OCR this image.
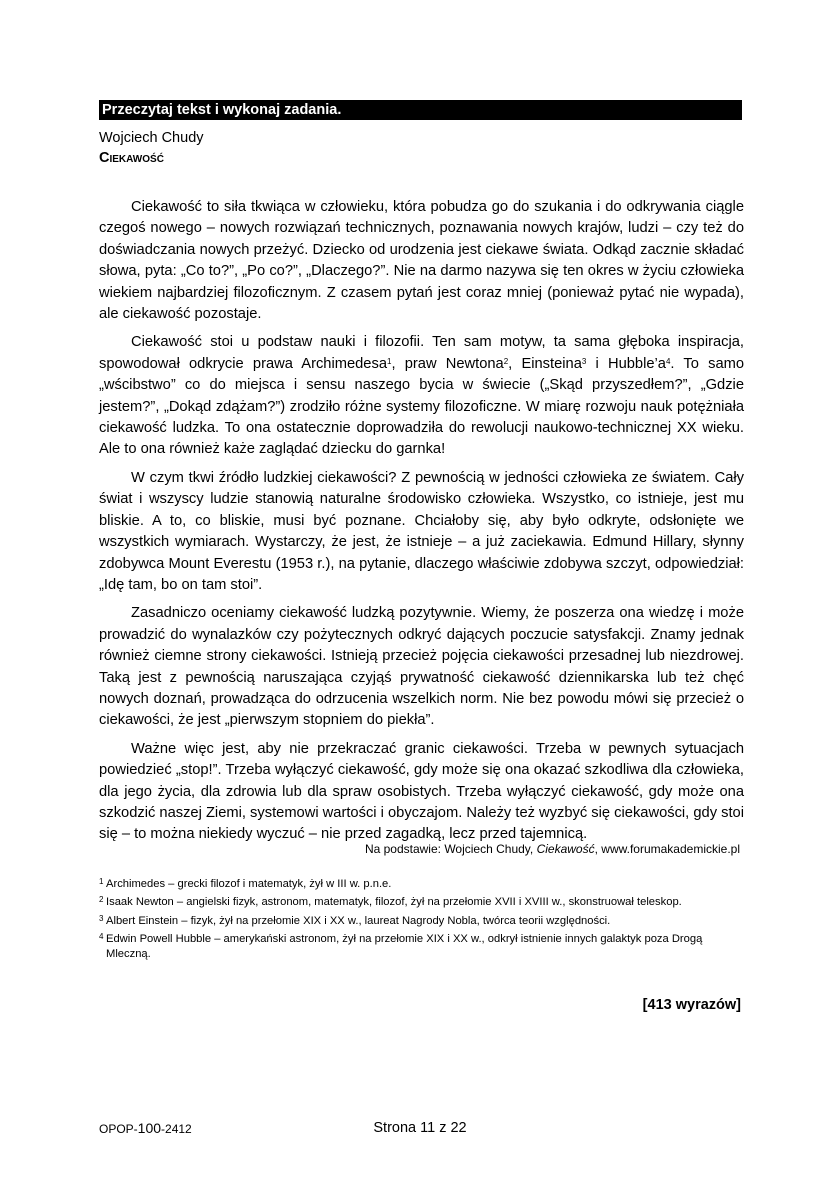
Przeczytaj tekst i wykonaj zadania.
Wojciech Chudy
Ciekawość

Ciekawość to siła tkwiąca w człowieku, która pobudza go do szukania i do odkrywania ciągle czegoś nowego – nowych rozwiązań technicznych, poznawania nowych krajów, ludzi – czy też do doświadczania nowych przeżyć. Dziecko od urodzenia jest ciekawe świata. Odkąd zacznie składać słowa, pyta: „Co to?”, „Po co?”, „Dlaczego?”. Nie na darmo nazywa się ten okres w życiu człowieka wiekiem najbardziej filozoficznym. Z czasem pytań jest coraz mniej (ponieważ pytać nie wypada), ale ciekawość pozostaje.

Ciekawość stoi u podstaw nauki i filozofii. Ten sam motyw, ta sama głęboka inspiracja, spowodował odkrycie prawa Archimedesa$^1$, praw Newtona$^2$, Einsteina$^3$ i $Hubble’a^4$. To samo „wścibstwo” co do miejsca i sensu naszego bycia w świecie („Skąd przyszedłem?”, „Gdzie jestem?”, „Dokąd zdążam?”) zrodziło różne systemy filozoficzne. W miarę rozwoju nauk potężniała ciekawość ludzka. To ona ostatecznie doprowadziła do rewolucji naukowo-technicznej XX wieku. Ale to ona również każe zaglądać dziecku do garnka!

W czym tkwi źródło ludzkiej ciekawości? Z pewnością w jedności człowieka ze światem. Cały świat i wszyscy ludzie stanowią naturalne środowisko człowieka. Wszystko, co istnieje, jest mu bliskie. A to, co bliskie, musi być poznane. Chciałoby się, aby było odkryte, odsłonięte we wszystkich wymiarach. Wystarczy, że jest, że istnieje – a już zaciekawia. Edmund Hillary, słynny zdobywca Mount Everestu (1953 r.), na pytanie, dlaczego właściwie zdobywa szczyt, odpowiedział: „Idę tam, bo on tam stoi”.

Zasadniczo oceniamy ciekawość ludzką pozytywnie. Wiemy, że poszerza ona wiedzę i może prowadzić do wynalazków czy pożytecznych odkryć dających poczucie satysfakcji. Znamy jednak również ciemne strony ciekawości. Istnieją przecież pojęcia ciekawości przesadnej lub niezdrowej. Taką jest z pewnością naruszająca czyjąś prywatność ciekawość dziennikarska lub też chęć nowych doznań, prowadząca do odrzucenia wszelkich norm. Nie bez powodu mówi się przecież o ciekawości, że jest „pierwszym stopniem do piekła”.

Ważne więc jest, aby nie przekraczać granic ciekawości. Trzeba w pewnych sytuacjach powiedzieć „stop!”. Trzeba wyłączyć ciekawość, gdy może się ona okazać szkodliwa dla człowieka, dla jego życia, dla zdrowia lub dla spraw osobistych. Trzeba wyłączyć ciekawość, gdy może ona szkodzić naszej Ziemi, systemowi wartości i obyczajom. Należy też wyzbyć się ciekawości, gdy stoi się – to można niekiedy wyczuć – nie przed zagadką, lecz przed tajemnicą.

Na podstawie: Wojciech Chudy, Ciekawość, www.forumakademickie.pl
1 Archimedes – grecki filozof i matematyk, żył w III w. p.n.e.
2 Isaak Newton – angielski fizyk, astronom, matematyk, filozof, żył na przełomie XVII i XVIII w., skonstruował teleskop.
3 Albert Einstein – fizyk, żył na przełomie XIX i XX w., laureat Nagrody Nobla, twórca teorii względności.
4 Edwin Powell Hubble – amerykański astronom, żył na przełomie XIX i XX w., odkrył istnienie innych galaktyk poza Drogą Mleczną.
[413 wyrazów]
OPOP-100-2412	Strona 11 z 22
